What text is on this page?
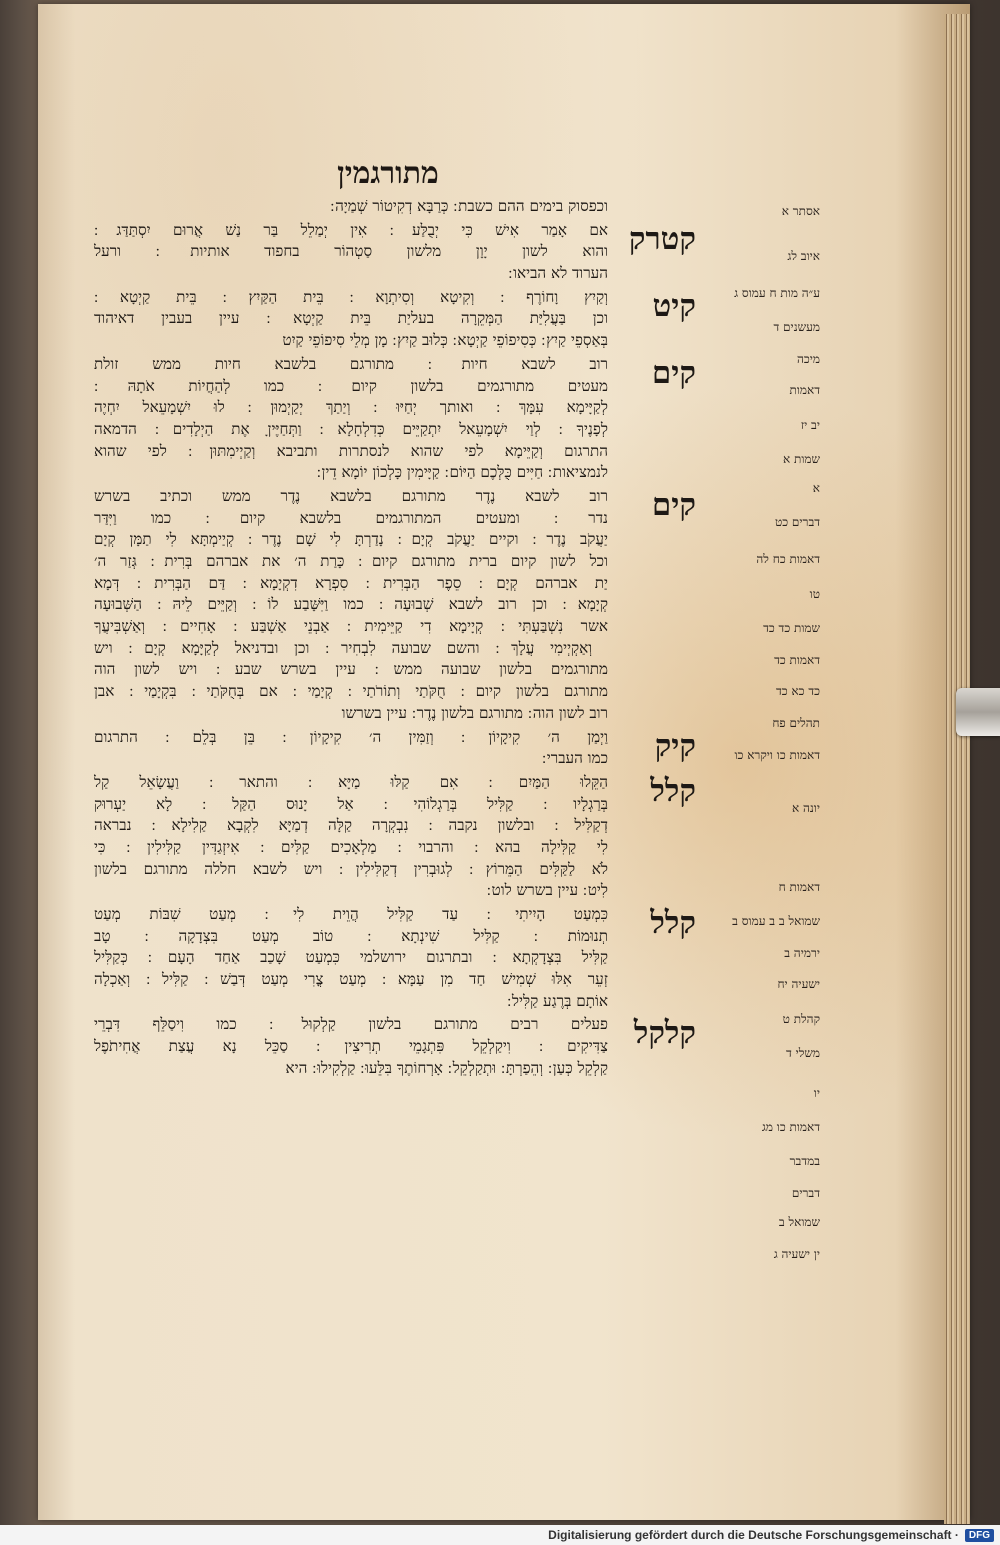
מתורגמין
וכפסוק בימים ההם כשבת ׃ כְּרַבָּא דְקִיטוֹר שְׁמַיָה ׃
קטרק
אם אָמַר אִישׁ כִּי יְבֻלַּע ׃ אִין יְמַלֵל בַּר נַשׁ אֲרוּם יִסְתַּדַּג ׃
והוא לשון יָוָן מלשון סַטְהוֹר בחפוד אותיות ׃ ורעל
הערוד לא הביאו ׃
קיט
וְקַיִץ וָחוֹרֶף ׃ וְקִיטָא וְסִיתְוָא ׃ בֵּית הַקַּיִץ ׃ בֵּית קַיְטָא ׃
וכן בַּעֲלִיַּת הַמְּקֵרָה בעליַת בֵּית קַיְטָא ׃ עיין בעבין דאיהוד
בְּאַסְפֵי קַיִץ ׃ כְּסִיפוֹפֵי קַיְטָא ׃ כְּלוּב קַיִץ ׃ מָן מְלֵי סִיפוֹפֵי קַיִט
קים
רוב לשבא חיות ׃ מתורגם בלשבא חיות ממש זולת
מעטים מתורגמים בלשון קיום ׃ כמו לְהַחֲיוֹת אֹתָהּ ׃
לְקַיָּימָא עִמָּךְ ׃ ואותך יְחַיּוּ ׃ וְיַתַךְ יְקַיְמוּן ׃ לוּ יִשְׁמָעֵאל יִחְיֶה
לְפָנֶיךָ ׃ לְוַי יִשְׁמָעֵאל יִתְקַיֵּים כְּדִלְחָלָא ׃ וַתְּחַיֶּיןָ אֶת הַיְלָדִים ׃ הדמאה
התרגום וְקַיֵּימָא לפי שהוא לנסתרות ותביבא וְקַיְימִתּוּן ׃ לפי שהוא
לנמציאות ׃ חַיִּים כֻּלְּכֶם הַיּוֹם ׃ קַיָּימִין כָּלְכוֹן יוֹמָא דֵין ׃
קים
רוב לשבא נֶדֶר מתורגם בלשבא נֶדֶר ממש וכתיב בשרש
נדר ׃ ומעטים המתורגמים בלשבא קיום ׃ כמו וַיִּדַּר
יַעֲקֹב נֶדֶר ׃ וקיים יַעֲקֹב קְיָם ׃ נָדַרְתָּ לִי שָׁם נֶדֶר ׃ קְיַימְתָּא לִי תַמָּן קְיָם
וכל לשון קיום ברית מתורגם קיום ׃ כָּרַת ה׳ את אברהם בְּרִית ׃ גְּזַר ה׳
יַת אברהם קְיָם ׃ סֵפֶר הַבְּרִית ׃ סִפְרָא דִקְיָמָא ׃ דַּם הַבְּרִית ׃ דְּמָא
קְיָמָא ׃ וכן רוב לשבא שְׁבוּעָה ׃ כמו וַיִּשָּׁבַע לוֹ ׃ וְקַיֵּים לֵיהּ ׃ הַשְּׁבוּעָה
אשר נִשְׁבַּעְתִּי ׃ קְיָימָא דִי קַיֵּימִית ׃ אַבְנֵי אַשְׁבַּע ׃ אָחִיים ׃ וְאַשְׁבִּיעֲךָ
׃ וְאַקְיְימִי עֲלָךְ ׃ והשם שבועה לִבְחִיר ׃ וכן ובדניאל לְקַיָּמָא קְיָם ׃ ויש
מתורגמים בלשון שבועה ממש ׃ עיין בשרש שבע ׃ ויש לשון הוה
מתורגם בלשון קיום ׃ חֻקֹּתַי וְתוֹרֹתַי ׃ קְיָמַי ׃ אם בְּחֻקֹּתַי ׃ בִּקְיָמַי ׃ אבן
רוב לשון הוה ׃ מתורגם בלשון נֶדֶר ׃ עיין בשרשו
קיק
וַיְמַן ה׳ קִיקָיוֹן ׃ וְזַמִּין ה׳ קִיקָיוֹן ׃ בֵּן בְּלֵם ׃ התרגום
כמו העברי ׃
קלל
הַקֵּלוּ הַמַּיִם ׃ אִם קַלּוּ מַיָּא ׃ והתאר ׃ וַעֲשָׂאֵל קַל
בְּרַגְלָיו ׃ קַלִּיל בְּרַגְלוֹהִי ׃ אַל יָנוּס הַקַּל ׃ לָא יַעְרוּק
דְקַלִּיל ׃ ובלשון נקבה ׃ נִבְקְרָה קַלָּה דְמַיָּא לִקְבָא קַלִילָא ׃ נבראה
לִי קַלִּילָה בהא ׃ והרבוי ׃ מַלְאָכִים קַלִּים ׃ אִיזְגַדִּין קַלִּילִין ׃ כִּי
לֹא לַקַּלִּים הַמֵּרוֹץ ׃ לְגוּבְרִין דְקַלִּילִין ׃ ויש לשבא חללה מתורגם בלשון
לִיט ׃ עיין בשרש לוט ׃
קלל
כִּמְעַט הָיִיתִי ׃ עַד קַלִּיל הֲוֵית לִי ׃ מְעַט שִׁבּוֹת מְעַט
תְנוּמוֹת ׃ קַלִּיל שִׁינְתָא ׃ טוֹב מְעַט בִּצְדָקָה ׃ טָב
קַלִּיל בִּצְדָקְתָא ׃ ובתרגום ירושלמי כִּמְעַט שָׁכַב אַחַד הָעָם ׃ כְּקַלִּיל
זְעֵר אִלּוּ שְׁמִישׁ חַד מִן עַמָּא ׃ מְעַט צֳרִי מְעַט דְּבַשׁ ׃ קַלִּיל ׃ וְאַכְלָה
אוֹתָם בְּרֶגַע קַלִּיל ׃
קלקל
פעלים רבים מתורגם בלשון קַלְקוּל ׃ כמו וִיסַלֵּף דִּבְרֵי
צַדִּיקִים ׃ וִיקַלְקֵל פִּתְגָמֵי תְרִיצִין ׃ סַכֵּל נָא עֲצַת אֲחִיתֹפֶל
קַלְקֵל כְּעַן ׃ וְהֵפַרְתָּ ׃ וּתְקַלְקֵל ׃ אָרְחוֹתֶךָ בִּלֵּעוּ ׃ קַלְקִילוּ ׃ היא
אסתר א
איוב לג
ע״ה מות ח עמוס ג
מעשנים ד
מיכה
דאמות
יב יז
שמות א
א
דברים כט
דאמות כח לה
טו
שמות כד כד
דאמות כד
כד כא כד
תהלים פח
דאמות כו ויקרא כו
יונה א
דאמות ח
שמואל ב ב עמוס ב
ירמיה ב
ישעיה יח
קהלת ט
משלי ד
יו
דאמות כו מג
במדבר
דברים
שמואל ב
ין ישעיה ג
Digitalisierung gefördert durch die Deutsche Forschungsgemeinschaft ·	DFG
